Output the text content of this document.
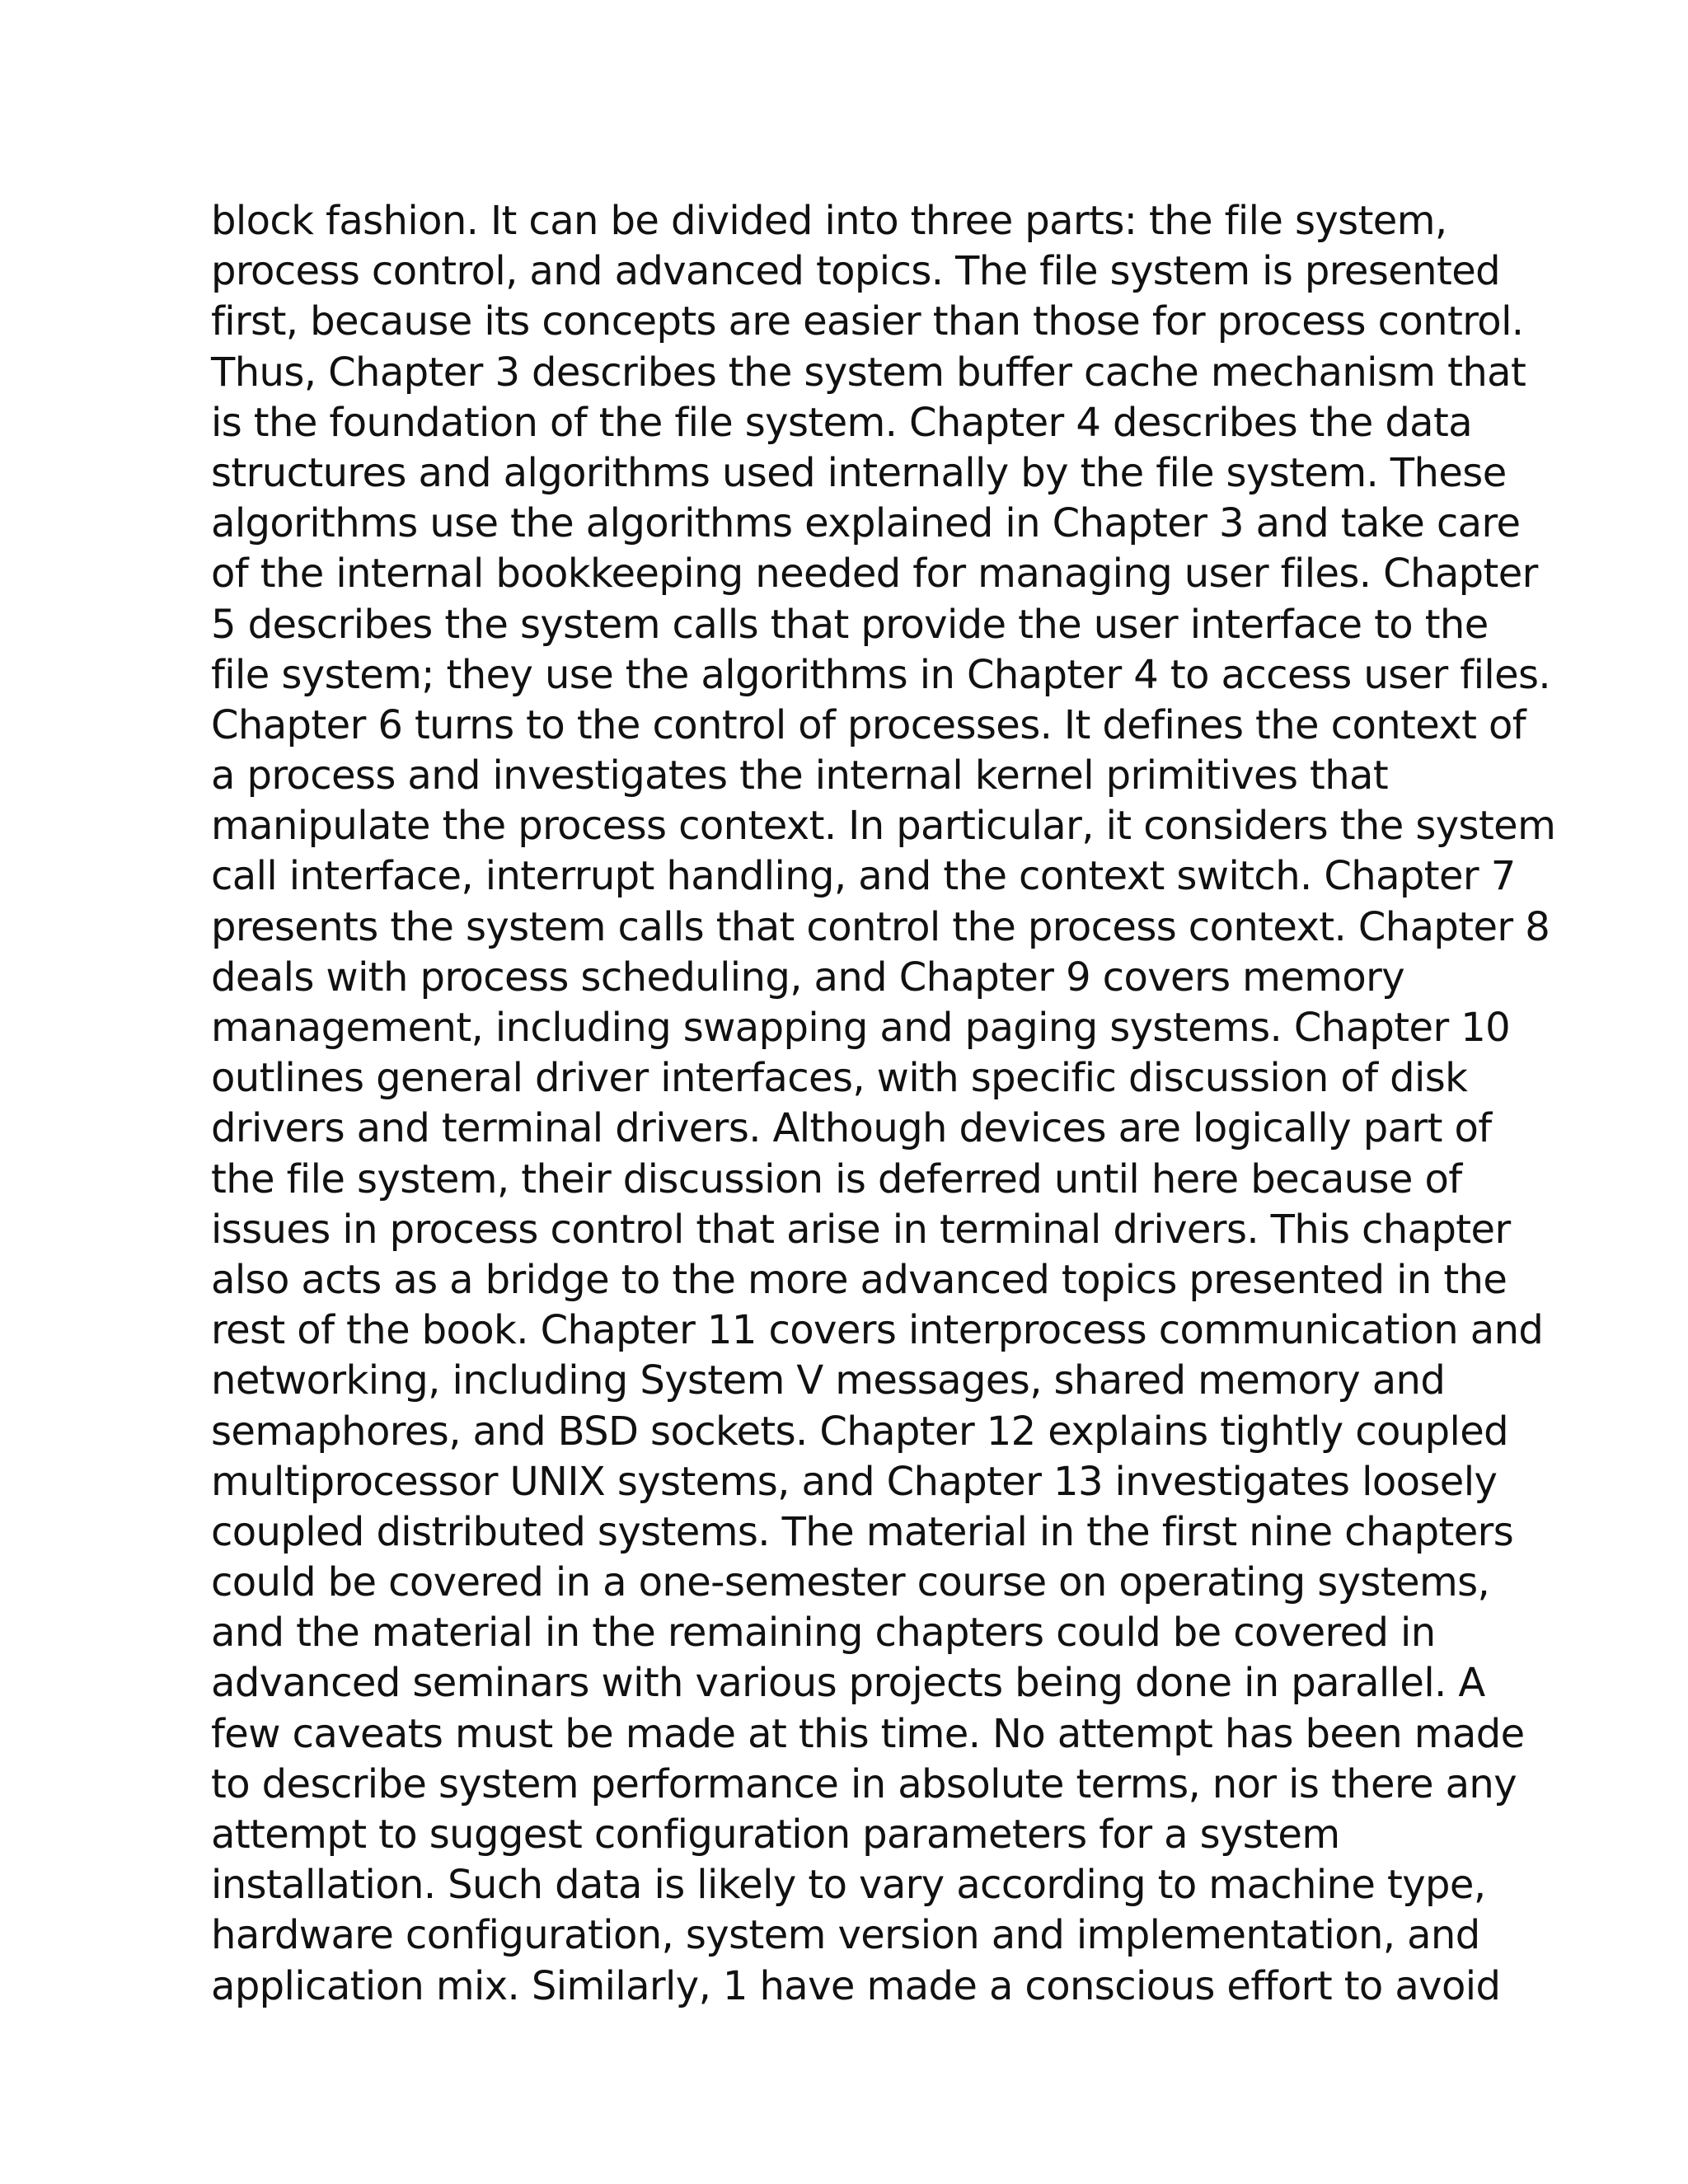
block fashion. It can be divided into three parts: the file system,
process control, and advanced topics. The file system is presented
first, because its concepts are easier than those for process control.
Thus, Chapter 3 describes the system buffer cache mechanism that
is the foundation of the file system. Chapter 4 describes the data
structures and algorithms used internally by the file system. These
algorithms use the algorithms explained in Chapter 3 and take care
of the internal bookkeeping needed for managing user files. Chapter
5 describes the system calls that provide the user interface to the
file system; they use the algorithms in Chapter 4 to access user files.
Chapter 6 turns to the control of processes. It defines the context of
a process and investigates the internal kernel primitives that
manipulate the process context. In particular, it considers the system
call interface, interrupt handling, and the context switch. Chapter 7
presents the system calls that control the process context. Chapter 8
deals with process scheduling, and Chapter 9 covers memory
management, including swapping and paging systems. Chapter 10
outlines general driver interfaces, with specific discussion of disk
drivers and terminal drivers. Although devices are logically part of
the file system, their discussion is deferred until here because of
issues in process control that arise in terminal drivers. This chapter
also acts as a bridge to the more advanced topics presented in the
rest of the book. Chapter 11 covers interprocess communication and
networking, including System V messages, shared memory and
semaphores, and BSD sockets. Chapter 12 explains tightly coupled
multiprocessor UNIX systems, and Chapter 13 investigates loosely
coupled distributed systems. The material in the first nine chapters
could be covered in a one-semester course on operating systems,
and the material in the remaining chapters could be covered in
advanced seminars with various projects being done in parallel. A
few caveats must be made at this time. No attempt has been made
to describe system performance in absolute terms, nor is there any
attempt to suggest configuration parameters for a system
installation. Such data is likely to vary according to machine type,
hardware configuration, system version and implementation, and
application mix. Similarly, 1 have made a conscious effort to avoid
